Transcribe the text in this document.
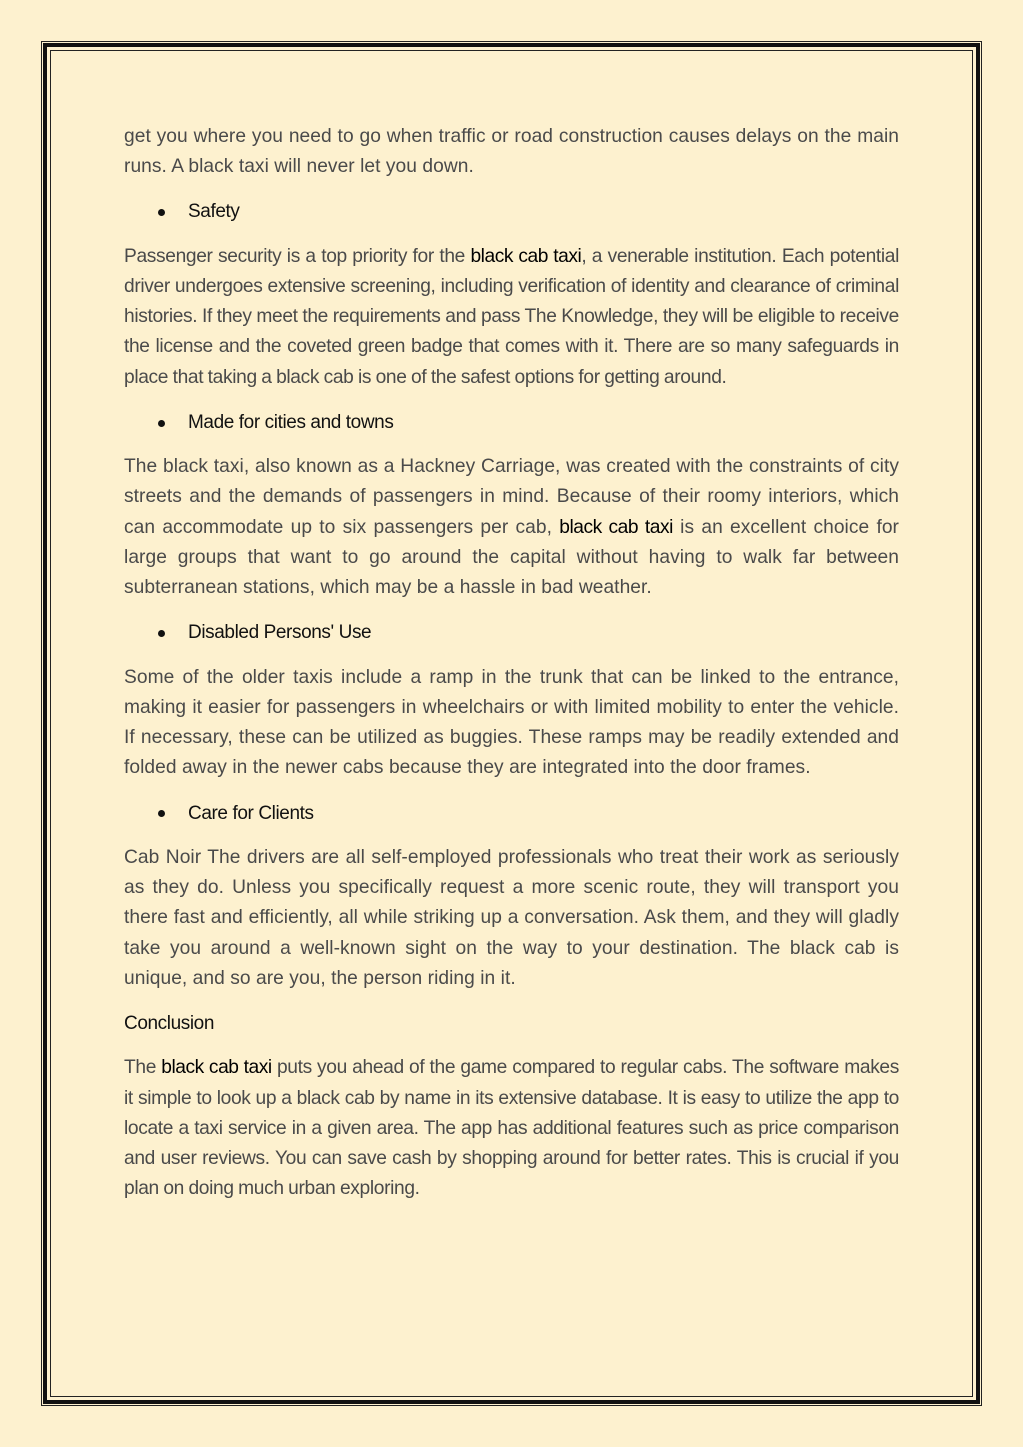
get you where you need to go when traffic or road construction causes delays on the main runs. A black taxi will never let you down.

Safety

Passenger security is a top priority for the black cab taxi, a venerable institution. Each potential driver undergoes extensive screening, including verification of identity and clearance of criminal histories. If they meet the requirements and pass The Knowledge, they will be eligible to receive the license and the coveted green badge that comes with it. There are so many safeguards in place that taking a black cab is one of the safest options for getting around.

Made for cities and towns

The black taxi, also known as a Hackney Carriage, was created with the constraints of city streets and the demands of passengers in mind. Because of their roomy interiors, which can accommodate up to six passengers per cab, black cab taxi is an excellent choice for large groups that want to go around the capital without having to walk far between subterranean stations, which may be a hassle in bad weather.

Disabled Persons' Use

Some of the older taxis include a ramp in the trunk that can be linked to the entrance, making it easier for passengers in wheelchairs or with limited mobility to enter the vehicle. If necessary, these can be utilized as buggies. These ramps may be readily extended and folded away in the newer cabs because they are integrated into the door frames.

Care for Clients

Cab Noir The drivers are all self-employed professionals who treat their work as seriously as they do. Unless you specifically request a more scenic route, they will transport you there fast and efficiently, all while striking up a conversation. Ask them, and they will gladly take you around a well-known sight on the way to your destination. The black cab is unique, and so are you, the person riding in it.

Conclusion

The black cab taxi puts you ahead of the game compared to regular cabs. The software makes it simple to look up a black cab by name in its extensive database. It is easy to utilize the app to locate a taxi service in a given area. The app has additional features such as price comparison and user reviews. You can save cash by shopping around for better rates. This is crucial if you plan on doing much urban exploring.
